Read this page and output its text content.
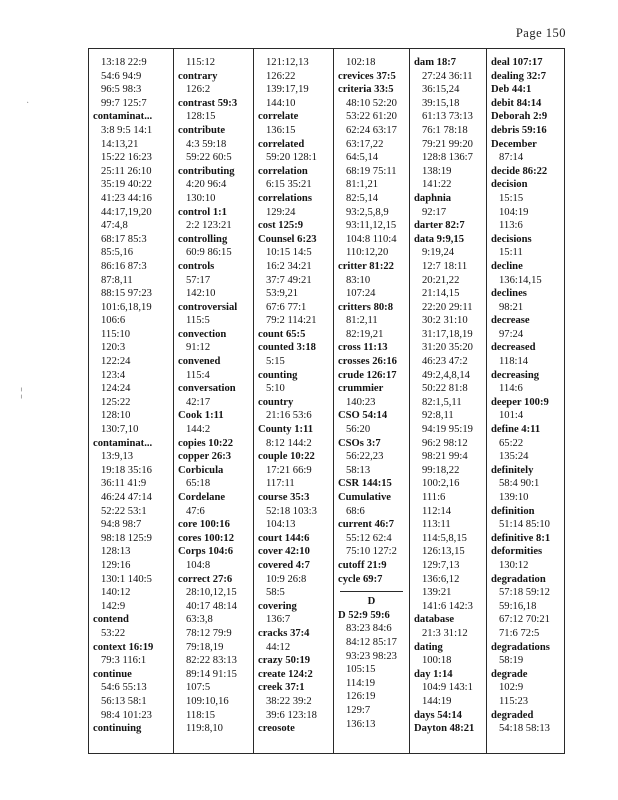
Page 150
·
¦
13:18 22:9
54:6 94:9
96:5 98:3
99:7 125:7
contaminat...
3:8 9:5 14:1
14:13,21
15:22 16:23
25:11 26:10
35:19 40:22
41:23 44:16
44:17,19,20
47:4,8
68:17 85:3
85:5,16
86:16 87:3
87:8,11
88:15 97:23
101:6,18,19
106:6
115:10
120:3
122:24
123:4
124:24
125:22
128:10
130:7,10
contaminat...
13:9,13
19:18 35:16
36:11 41:9
46:24 47:14
52:22 53:1
94:8 98:7
98:18 125:9
128:13
129:16
130:1 140:5
140:12
142:9
contend
53:22
context 16:19
79:3 116:1
continue
54:6 55:13
56:13 58:1
98:4 101:23
continuing
115:12
contrary
126:2
contrast 59:3
128:15
contribute
4:3 59:18
59:22 60:5
contributing
4:20 96:4
130:10
control 1:1
2:2 123:21
controlling
60:9 86:15
controls
57:17
142:10
controversial
115:5
convection
91:12
convened
115:4
conversation
42:17
Cook 1:11
144:2
copies 10:22
copper 26:3
Corbicula
65:18
Cordelane
47:6
core 100:16
cores 100:12
Corps 104:6
104:8
correct 27:6
28:10,12,15
40:17 48:14
63:3,8
78:12 79:9
79:18,19
82:22 83:13
89:14 91:15
107:5
109:10,16
118:15
119:8,10
121:12,13
126:22
139:17,19
144:10
correlate
136:15
correlated
59:20 128:1
correlation
6:15 35:21
correlations
129:24
cost 125:9
Counsel 6:23
10:15 14:5
16:2 34:21
37:7 49:21
53:9,21
67:6 77:1
79:2 114:21
count 65:5
counted 3:18
5:15
counting
5:10
country
21:16 53:6
County 1:11
8:12 144:2
couple 10:22
17:21 66:9
117:11
course 35:3
52:18 103:3
104:13
court 144:6
cover 42:10
covered 4:7
10:9 26:8
58:5
covering
136:7
cracks 37:4
44:12
crazy 50:19
create 124:2
creek 37:1
38:22 39:2
39:6 123:18
creosote
102:18
crevices 37:5
criteria 33:5
48:10 52:20
53:22 61:20
62:24 63:17
63:17,22
64:5,14
68:19 75:11
81:1,21
82:5,14
93:2,5,8,9
93:11,12,15
104:8 110:4
110:12,20
critter 81:22
83:10
107:24
critters 80:8
81:2,11
82:19,21
cross 11:13
crosses 26:16
crude 126:17
crummier
140:23
CSO 54:14
56:20
CSOs 3:7
56:22,23
58:13
CSR 144:15
Cumulative
68:6
current 46:7
55:12 62:4
75:10 127:2
cutoff 21:9
cycle 69:7
D
D 52:9 59:6
83:23 84:6
84:12 85:17
93:23 98:23
105:15
114:19
126:19
129:7
136:13
dam 18:7
27:24 36:11
36:15,24
39:15,18
61:13 73:13
76:1 78:18
79:21 99:20
128:8 136:7
138:19
141:22
daphnia
92:17
darter 82:7
data 9:9,15
9:19,24
12:7 18:11
20:21,22
21:14,15
22:20 29:11
30:2 31:10
31:17,18,19
31:20 35:20
46:23 47:2
49:2,4,8,14
50:22 81:8
82:1,5,11
92:8,11
94:19 95:19
96:2 98:12
98:21 99:4
99:18,22
100:2,16
111:6
112:14
113:11
114:5,8,15
126:13,15
129:7,13
136:6,12
139:21
141:6 142:3
database
21:3 31:12
dating
100:18
day 1:14
104:9 143:1
144:19
days 54:14
Dayton 48:21
deal 107:17
dealing 32:7
Deb 44:1
debit 84:14
Deborah 2:9
debris 59:16
December
87:14
decide 86:22
decision
15:15
104:19
113:6
decisions
15:11
decline
136:14,15
declines
98:21
decrease
97:24
decreased
118:14
decreasing
114:6
deeper 100:9
101:4
define 4:11
65:22
135:24
definitely
58:4 90:1
139:10
definition
51:14 85:10
definitive 8:1
deformities
130:12
degradation
57:18 59:12
59:16,18
67:12 70:21
71:6 72:5
degradations
58:19
degrade
102:9
115:23
degraded
54:18 58:13
